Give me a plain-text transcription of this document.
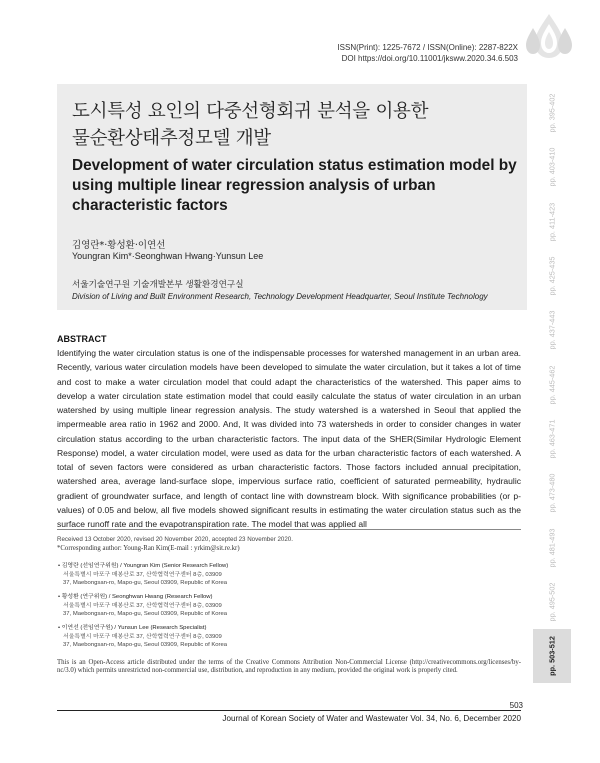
ISSN(Print): 1225-7672 / ISSN(Online): 2287-822X
DOI https://doi.org/10.11001/jksww.2020.34.6.503
도시특성 요인의 다중선형회귀 분석을 이용한
물순환상태추정모델 개발
Development of water circulation status estimation model by using multiple linear regression analysis of urban characteristic factors
김영란*·황성환·이연선
Youngran Kim*·Seonghwan Hwang·Yunsun Lee
서울기술연구원 기술개발본부 생활환경연구실
Division of Living and Built Environment Research, Technology Development Headquarter, Seoul Institute Technology
ABSTRACT
Identifying the water circulation status is one of the indispensable processes for watershed management in an urban area. Recently, various water circulation models have been developed to simulate the water circulation, but it takes a lot of time and cost to make a water circulation model that could adapt the characteristics of the watershed. This paper aims to develop a water circulation state estimation model that could easily calculate the status of water circulation in an urban watershed by using multiple linear regression analysis. The study watershed is a watershed in Seoul that applied the impermeable area ratio in 1962 and 2000. And, It was divided into 73 watersheds in order to consider changes in water circulation status according to the urban characteristic factors. The input data of the SHER(Similar Hydrologic Element Response) model, a water circulation model, were used as data for the urban characteristic factors of each watershed. A total of seven factors were considered as urban characteristic factors. Those factors included annual precipitation, watershed area, average land-surface slope, impervious surface ratio, coefficient of saturated permeability, hydraulic gradient of groundwater surface, and length of contact line with downstream block. With significance probabilities (or p-values) of 0.05 and below, all five models showed significant results in estimating the water circulation status such as the surface runoff rate and the evapotranspiration rate. The model that was applied all
Received 13 October 2020, revised 20 November 2020, accepted 23 November 2020.
*Corresponding author: Young-Ran Kim(E-mail : yrkim@sit.re.kr)
• 김영란 (선임연구위원) / Youngran Kim (Senior Research Fellow)
서울특별시 마포구 매봉산로 37, 산학협력연구센터 8층, 03909
37, Maebongsan-ro, Mapo-gu, Seoul 03909, Republic of Korea
• 황성환 (연구위원) / Seonghwan Hwang (Research Fellow)
서울특별시 마포구 매봉산로 37, 산학협력연구센터 8층, 03909
37, Maebongsan-ro, Mapo-gu, Seoul 03909, Republic of Korea
• 이연선 (전임연구원) / Yunsun Lee (Research Specialist)
서울특별시 마포구 매봉산로 37, 산학협력연구센터 8층, 03909
37, Maebongsan-ro, Mapo-gu, Seoul 03909, Republic of Korea
This is an Open-Access article distributed under the terms of the Creative Commons Attribution Non-Commercial License (http://creativecommons.org/licenses/by-nc/3.0) which permits unrestricted non-commercial use, distribution, and reproduction in any medium, provided the original work is properly cited.
503
Journal of Korean Society of Water and Wastewater Vol. 34, No. 6, December 2020
pp. 395-402
pp. 403-410
pp. 411-423
pp. 425-435
pp. 437-443
pp. 445-462
pp. 463-471
pp. 473-480
pp. 481-493
pp. 495-502
pp. 503-512
